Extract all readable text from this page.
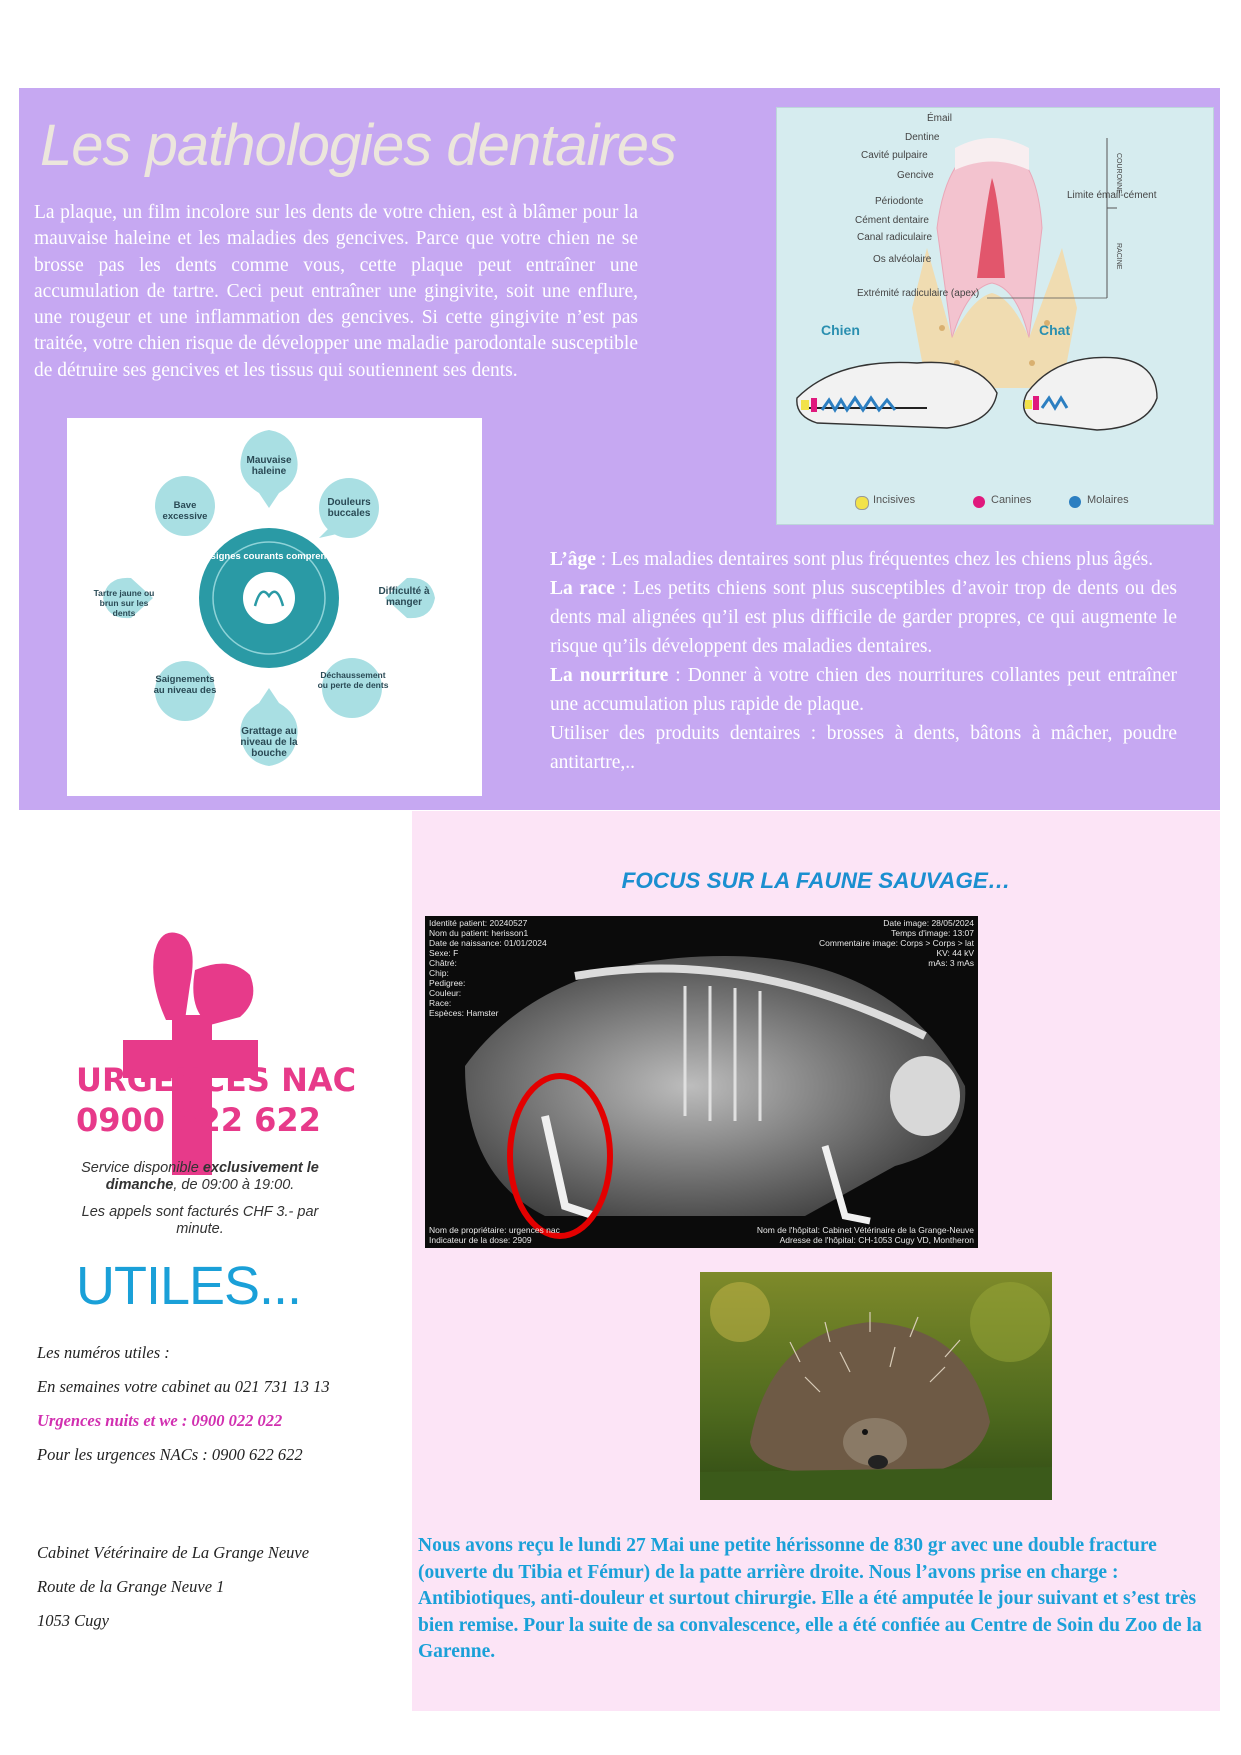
Les pathologies dentaires
La plaque, un film incolore sur les dents de votre chien, est à blâmer pour la mauvaise haleine et les maladies des gencives. Parce que votre chien ne se brosse pas les dents comme vous, cette plaque peut entraîner une accumulation de tartre. Ceci peut entraîner une gingivite, soit une enflure, une rougeur et une inflammation des gencives. Si cette gingivite n’est pas traitée, votre chien risque de développer une maladie parodontale susceptible de détruire ses gencives et les tissus qui soutiennent ses dents.
Émail
Dentine
Cavité pulpaire
Gencive
Périodonte
Cément dentaire
Canal radiculaire
Os alvéolaire
Extrémité radiculaire (apex)
Limite émail-cément
COURONNE
RACINE
Chien	Chat
Incisives	Canines	Molaires
Les signes courants comprennent
Mauvaise haleine
Douleurs buccales
Difficulté à manger
Déchaussement ou perte de dents
Grattage au niveau de la bouche
Saignements au niveau des
Tartre jaune ou brun sur les dents
Bave excessive

L’âge : Les maladies dentaires sont plus fréquentes chez les chiens plus âgés.

La race : Les petits chiens sont plus susceptibles d’avoir trop de dents ou des dents mal alignées qu’il est plus difficile de garder propres, ce qui augmente le risque qu’ils développent des maladies dentaires.

La nourriture : Donner à votre chien des nourritures collantes peut entraîner une accumulation plus rapide de plaque.

Utiliser des produits dentaires : brosses à dents, bâtons à mâcher, poudre antitartre,..

URGENCES NAC
0900 622 622

Service disponible exclusivement le dimanche, de 09:00 à 19:00.

Les appels sont facturés CHF 3.- par minute.

UTILES...
Les numéros utiles :
En semaines votre cabinet au 021 731 13 13
Urgences nuits et we : 0900 022 022
Pour les urgences NACs : 0900 622 622
Cabinet Vétérinaire de La Grange Neuve
Route de la Grange Neuve 1
1053 Cugy
FOCUS SUR LA FAUNE SAUVAGE…
Identité patient: 20240527
Nom du patient: herisson1
Date de naissance: 01/01/2024
Sexe: F
Châtré:
Chip:
Pedigree:
Couleur:
Race:
Espèces: Hamster
Date image: 28/05/2024
Temps d'image: 13:07
Commentaire image: Corps > Corps > lat
KV: 44 kV
mAs: 3 mAs
Nom de propriétaire: urgences nac
Indicateur de la dose: 2909
Nom de l'hôpital: Cabinet Vétérinaire de la Grange-Neuve
Adresse de l'hôpital: CH-1053 Cugy VD, Montheron
Nous avons reçu le lundi 27 Mai une petite hérissonne de 830 gr avec une double fracture (ouverte du Tibia et Fémur) de la patte arrière droite. Nous l’avons prise en charge : Antibiotiques, anti-douleur et surtout chirurgie. Elle a été amputée le jour suivant et s’est très bien remise. Pour la suite de sa convalescence, elle a été confiée au Centre de Soin du Zoo de la Garenne.
